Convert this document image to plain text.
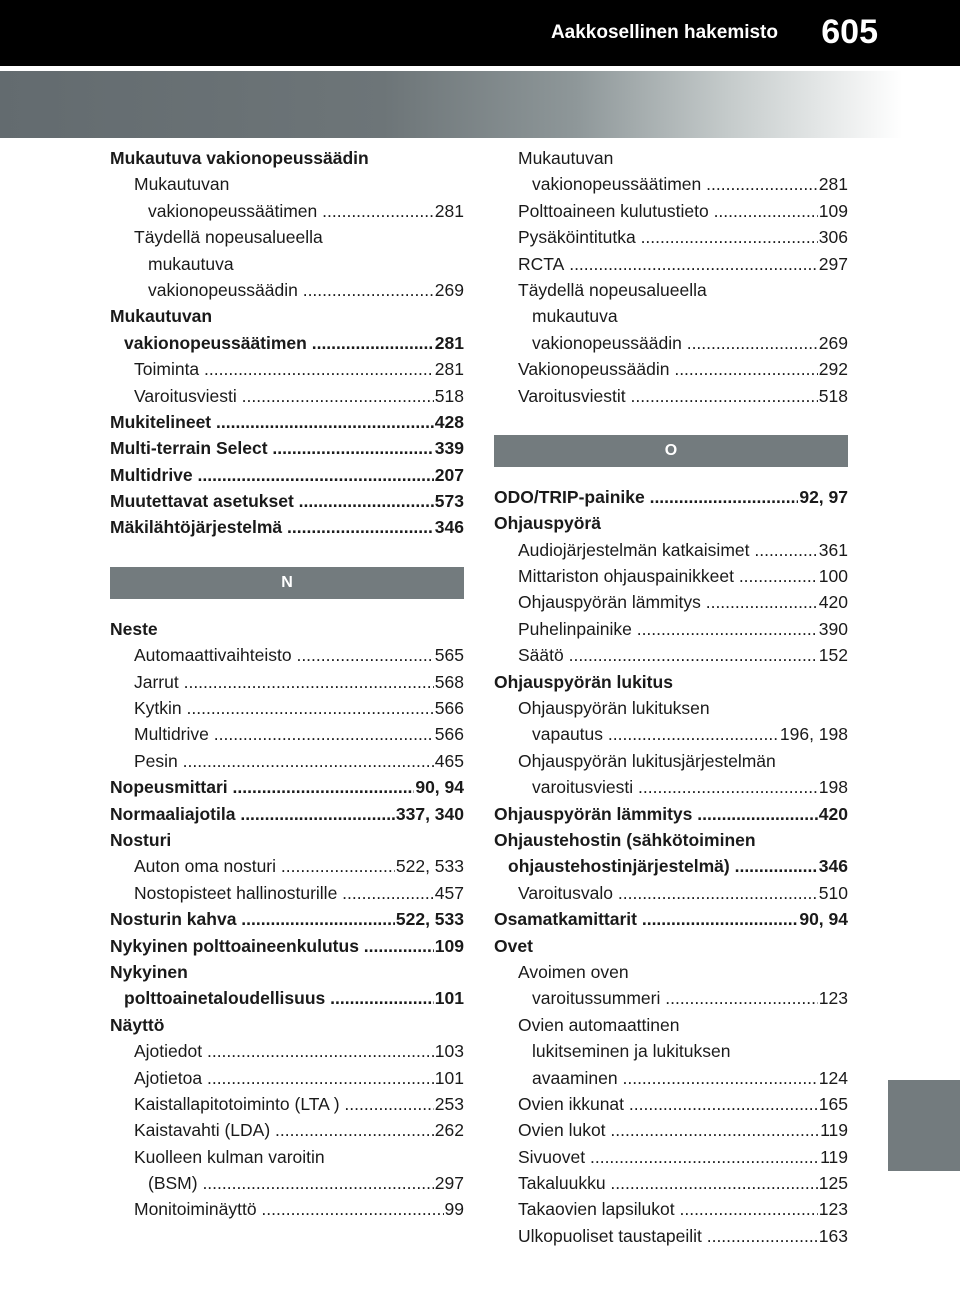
Aakkosellinen hakemisto 605
Mukautuva vakionopeussäädin
Mukautuvan
vakionopeussäätimen	281
.....
Täydellä nopeusalueella
mukautuva
vakionopeussäädin	269
.....
Mukautuvan
vakionopeussäätimen	281
.....
Toiminta	281
.....
Varoitusviesti	518
.....
Mukitelineet	428
.....
Multi-terrain Select	339
.....
Multidrive	207
.....
Muutettavat asetukset	573
.....
Mäkilähtöjärjestelmä	346
.....
N
Neste
Automaattivaihteisto	565
.....
Jarrut	568
.....
Kytkin	566
.....
Multidrive	566
.....
Pesin	465
.....
Nopeusmittari	90, 94
.....
Normaaliajotila	337, 340
.....
Nosturi
Auton oma nosturi	522, 533
.....
Nostopisteet hallinosturille	457
.....
Nosturin kahva	522, 533
.....
Nykyinen polttoaineenkulutus	109
.....
Nykyinen
polttoainetaloudellisuus	101
.....
Näyttö
Ajotiedot	103
.....
Ajotietoa	101
.....
Kaistallapitotoiminto (LTA )	253
.....
Kaistavahti (LDA)	262
.....
Kuolleen kulman varoitin
(BSM)	297
.....
Monitoiminäyttö	99
.....
Mukautuvan
vakionopeussäätimen	281
.....
Polttoaineen kulutustieto	109
.....
Pysäköintitutka	306
.....
RCTA	297
.....
Täydellä nopeusalueella
mukautuva
vakionopeussäädin	269
.....
Vakionopeussäädin	292
.....
Varoitusviestit	518
.....
O
ODO/TRIP-painike	92, 97
.....
Ohjauspyörä
Audiojärjestelmän katkaisimet	361
.....
Mittariston ohjauspainikkeet	100
.....
Ohjauspyörän lämmitys	420
.....
Puhelinpainike	390
.....
Säätö	152
.....
Ohjauspyörän lukitus
Ohjauspyörän lukituksen
vapautus	196, 198
.....
Ohjauspyörän lukitusjärjestelmän
varoitusviesti	198
.....
Ohjauspyörän lämmitys	420
.....
Ohjaustehostin (sähkötoiminen
ohjaustehostinjärjestelmä)	346
.....
Varoitusvalo	510
.....
Osamatkamittarit	90, 94
.....
Ovet
Avoimen oven
varoitussummeri	123
.....
Ovien automaattinen
lukitseminen ja lukituksen
avaaminen	124
.....
Ovien ikkunat	165
.....
Ovien lukot	119
.....
Sivuovet	119
.....
Takaluukku	125
.....
Takaovien lapsilukot	123
.....
Ulkopuoliset taustapeilit	163
.....
